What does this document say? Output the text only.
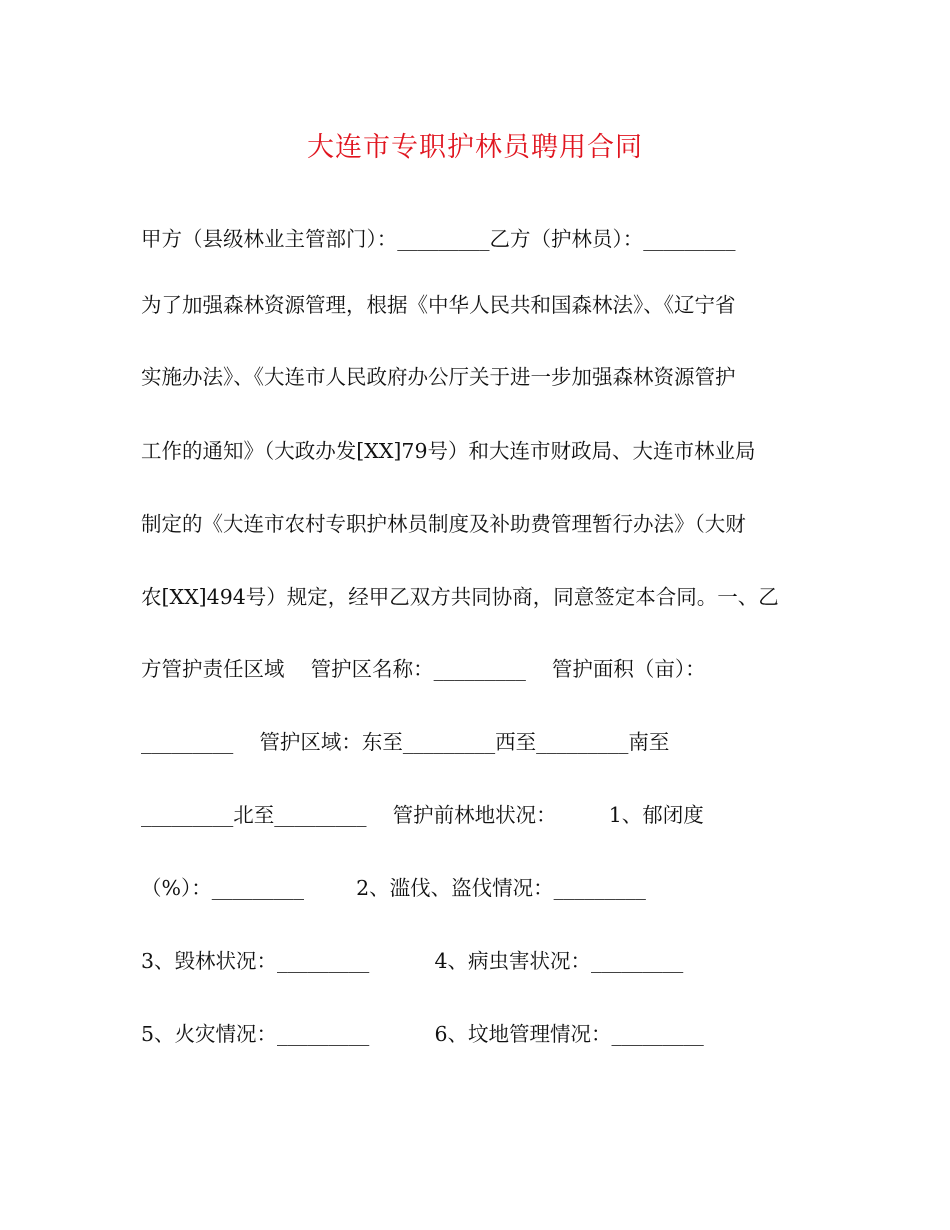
大连市专职护林员聘用合同
甲方（县级林业主管部门）：_________乙方（护林员）：_________
为了加强森林资源管理，根据《中华人民共和国森林法》、《辽宁省
实施办法》、《大连市人民政府办公厅关于进一步加强森林资源管护
工作的通知》（大政办发[XX]79号）和大连市财政局、大连市林业局
制定的《大连市农村专职护林员制度及补助费管理暂行办法》（大财
农[XX]494号）规定，经甲乙双方共同协商，同意签定本合同。一、乙
方管护责任区域    管护区名称：_________    管护面积（亩）：
_________    管护区域：东至_________西至_________南至
_________北至_________    管护前林地状况：        1、郁闭度
（%）：_________        2、滥伐、盗伐情况：_________
3、毁林状况：_________          4、病虫害状况：_________
5、火灾情况：_________          6、坟地管理情况：_________
